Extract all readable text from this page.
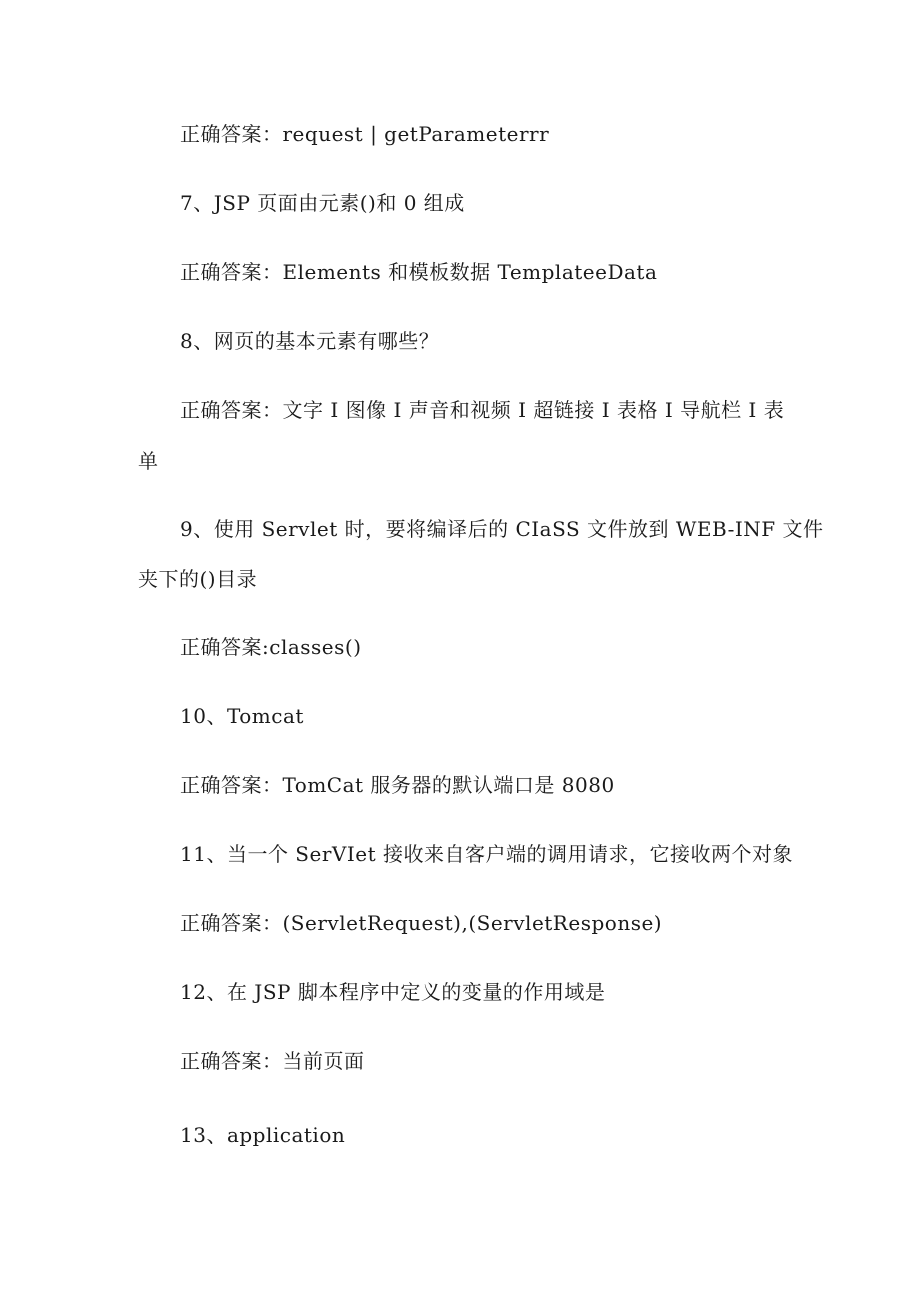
正确答案：request | getParameterrr
7、JSP 页面由元素()和 0 组成
正确答案：Elements 和模板数据 TemplateeData
8、网页的基本元素有哪些？
正确答案：文字 I 图像 I 声音和视频 I 超链接 I 表格 I 导航栏 I 表
单
9、使用 Servlet 时，要将编译后的 CIaSS 文件放到 WEB-INF 文件
夹下的()目录
正确答案:classes()
10、Tomcat
正确答案：TomCat 服务器的默认端口是 8080
11、当一个 SerVIet 接收来自客户端的调用请求，它接收两个对象
正确答案：(ServletRequest),(ServletResponse)
12、在 JSP 脚本程序中定义的变量的作用域是
正确答案：当前页面
13、application
